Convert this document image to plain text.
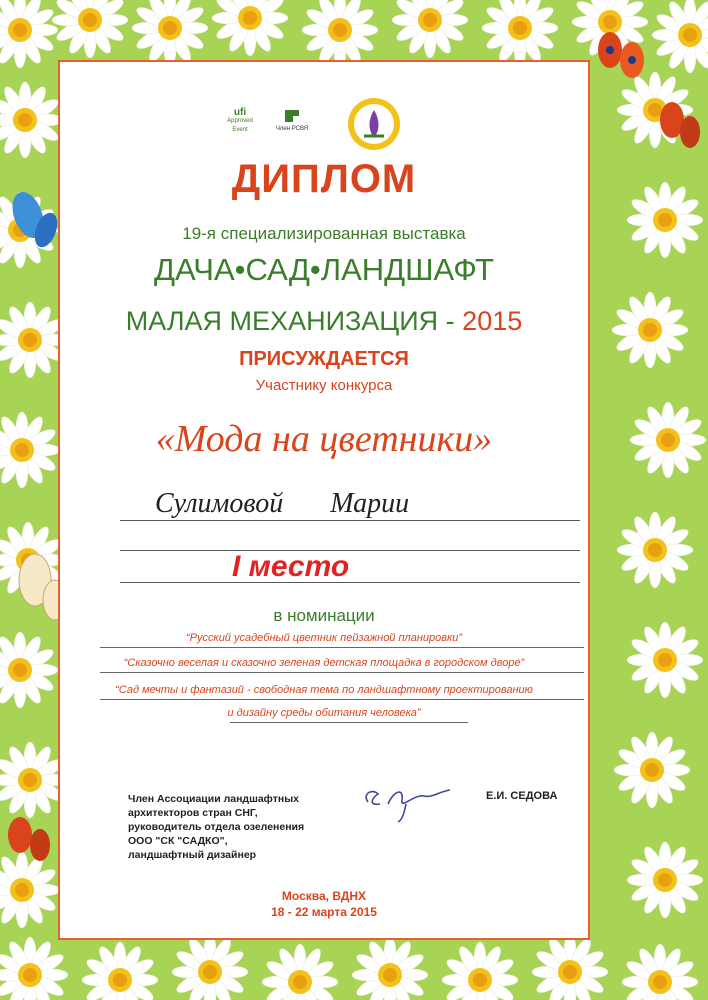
ufi
Approved Event	Член РСВЯ
ДИПЛОМ
19-я специализированная выставка
ДАЧА•САД•ЛАНДШАФТ
МАЛАЯ МЕХАНИЗАЦИЯ - 2015
ПРИСУЖДАЕТСЯ
Участнику конкурса
«Мода на цветники»
Сулимовой Марии
I место
в номинации
“Русский усадебный цветник пейзажной планировки”
“Сказочно веселая и сказочно зеленая детская площадка в городском дворе”
“Сад мечты и фантазий - свободная тема по ландшафтному проектированию
и дизайну среды обитания человека”
Член Ассоциации ландшафтных
архитекторов стран СНГ,
руководитель отдела озеленения
ООО "СК "САДКО",
ландшафтный дизайнер
Е.И. СЕДОВА
Москва, ВДНХ
18 - 22 марта 2015
